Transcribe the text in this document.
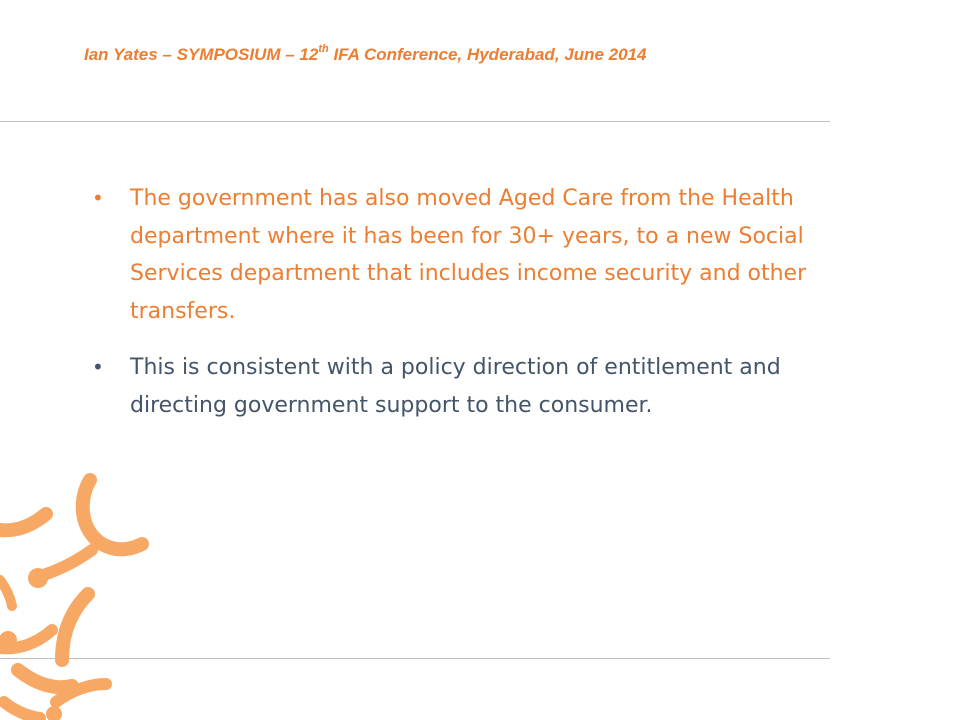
Ian Yates – SYMPOSIUM – 12th IFA Conference, Hyderabad, June 2014
• The government has also moved Aged Care from the Health department where it has been for 30+ years, to a new Social Services department that includes income security and other transfers.
• This is consistent with a policy direction of entitlement and directing government support to the consumer.
